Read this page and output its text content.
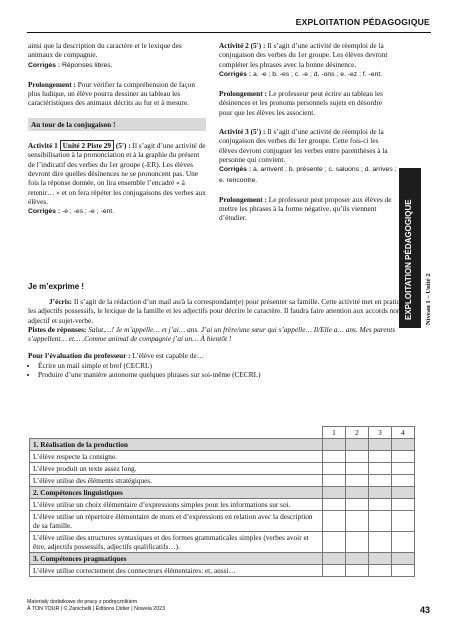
EXPLOITATION PÉDAGOGIQUE

ainsi que la description du caractère et le lexique des animaux de compagnie.

Corrigés : Réponses libres.

Prolongement : Pour vérifier la compréhension de façon plus ludique, un élève pourra dessiner au tableau les caractéristiques des animaux décrits au fur et à mesure.

Au tour de la conjugaison !

Activité 1 Unité 2 Piste 29 (5') : Il s’agit d’une activité de sensibilisation à la prononciation et à la graphie du présent de l’indicatif des verbes du 1er groupe (-ER). Les élèves devront dire quelles désinences ne se prononcent pas. Une fois la réponse donnée, on lira ensemble l’encadré « à retenir… » et on fera répéter les conjugaisons des verbes aux élèves.

Corrigés : -e ; -es ; -e ; -ent.

Activité 2 (5') : Il s’agit d’une activité de réemploi de la conjugaison des verbes du 1er groupe. Les élèves devront compléter les phrases avec la bonne désinence.

Corrigés : a. -e ; b. -es ; c. -e ; d. -ons ; e. -ez ; f. -ent.

Prolongement : Le professeur peut écrire au tableau les désinences et les pronoms personnels sujets en désordre pour que les élèves les associent.

Activité 3 (5') : Il s’agit d’une activité de réemploi de la conjugaison des verbes du 1er groupe. Cette fois-ci les élèves devront conjuguer les verbes entre parenthèses à la personne qui convient.

Corrigés : a. arrivent ; b. présente ; c. saluons ; d. arrives ; e. rencontre.

Prolongement : Le professeur peut proposer aux élèves de mettre les phrases à la forme négative, qu’ils viennent d’étudier.	EXPLOITATION PÉDAGOGIQUE Niveau 1 – Unité 2
Je m’exprime !

J’écris: Il s’agit de la rédaction d’un mail au/à la correspondant(e) pour présenter sa famille. Cette activité met en pratique les adjectifs possessifs, le lexique de la famille et les adjectifs pour décrire le caractère. Il faudra faire attention aux accords nom-adjectif et sujet-verbe.

Pistes de réponses: Salut,…! Je m’appelle… et j’ai… ans. J’ai un frère/une sœur qui s’appelle… Il/Elle a… ans. Mes parents s’appellent… et… .Comme animal de compagnie j’ai un… À bientôt !

Pour l’évaluation du professeur : L’élève est capable de…

• Écrire un mail simple et bref (CECRL)
• Produire d’une manière autonome quelques phrases sur soi-même (CECRL)
	1	2	3	4
1. Réalisation de la production				
L’élève respecte la consigne.				
L’élève produit un texte assez long.				
L’élève utilise des éléments stratégiques.				
2. Compétences linguistiques				
L’élève utilise un choix élémentaire d’expressions simples pour les informations sur soi.				
L’élève utilise un répertoire élémentaire de mots et d’expressions en relation avec la description de sa famille.				
L’élève utilise des structures syntaxiques et des formes grammaticales simples (verbes avoir et être, adjectifs possessifs, adjectifs qualificatifs…).				
3. Compétences pragmatiques				
L’élève utilise correctement des connecteurs élémentaires: et, aussi…				
Materiały dodatkowe do pracy z podręcznikiem
À TON TOUR | © Zanichelli | Éditions Didier | Nowela 2023	43
